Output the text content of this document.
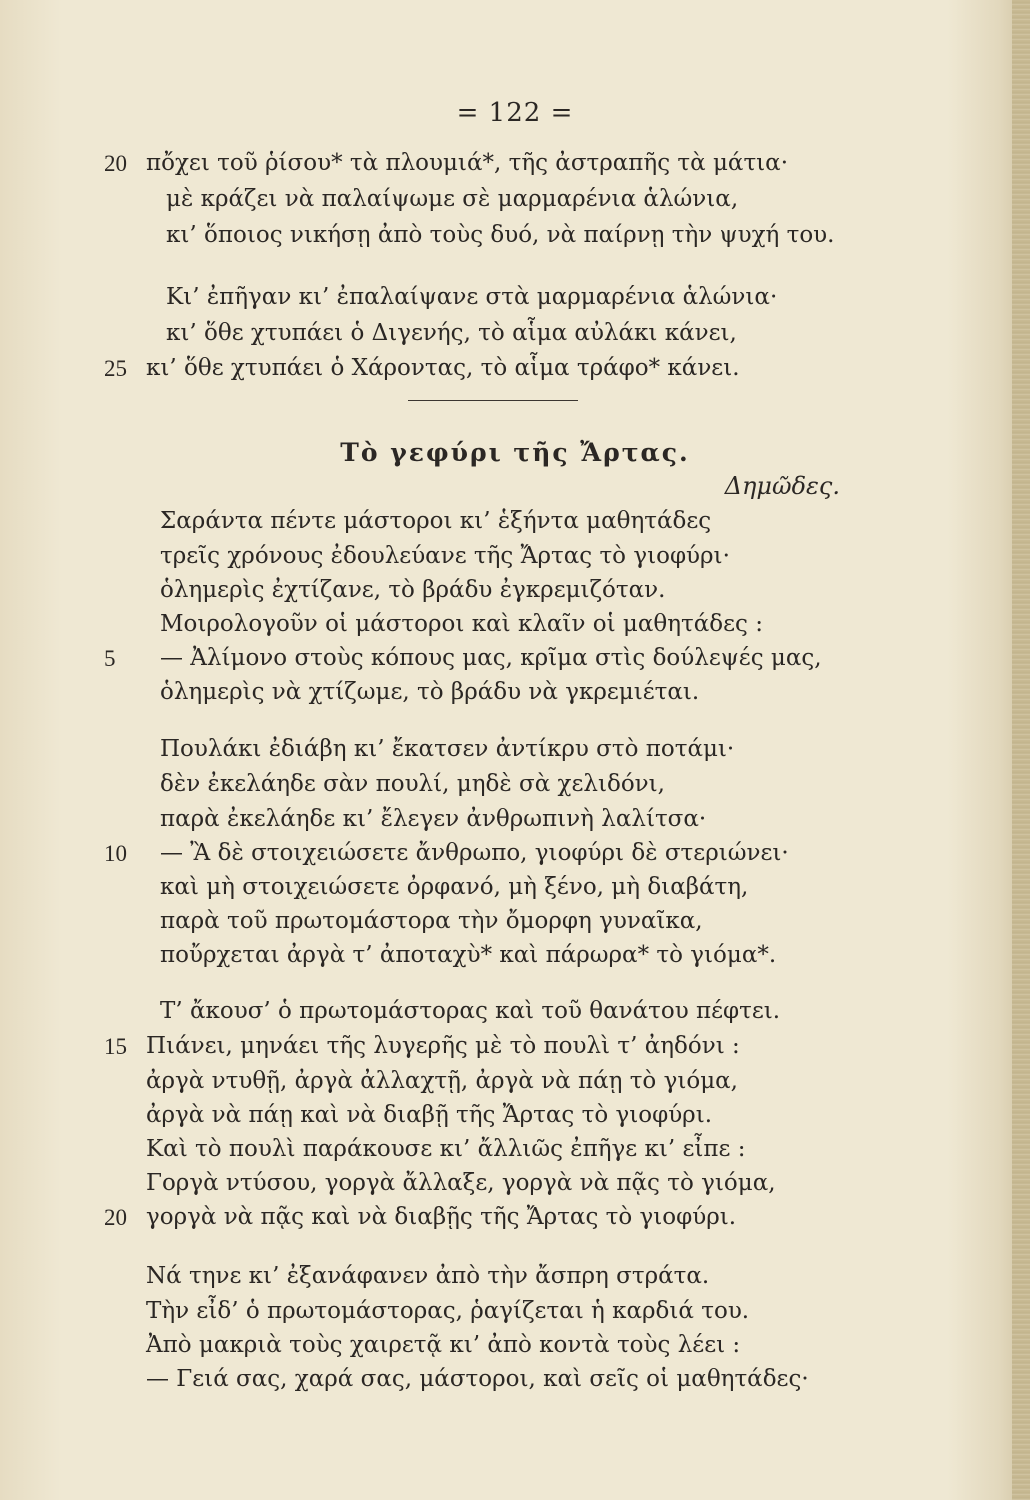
= 122 =
20 πὄχει τοῦ ῥίσου* τὰ πλουμιά*, τῆς ἀστραπῆς τὰ μάτια·
μὲ κράζει νὰ παλαίψωμε σὲ μαρμαρένια ἁλώνια,
κι’ ὅποιος νικήσῃ ἀπὸ τοὺς δυό, νὰ παίρνῃ τὴν ψυχή του.
Κι’ ἐπῆγαν κι’ ἐπαλαίψανε στὰ μαρμαρένια ἁλώνια·
κι’ ὅθε χτυπάει ὁ Διγενής, τὸ αἷμα αὐλάκι κάνει,
25 κι’ ὅθε χτυπάει ὁ Χάροντας, τὸ αἷμα τράφο* κάνει.
Τὸ γεφύρι τῆς Ἄρτας.
Δημῶδες.
Σαράντα πέντε μάστοροι κι’ ἑξήντα μαθητάδες
τρεῖς χρόνους ἐδουλεύανε τῆς Ἄρτας τὸ γιοφύρι·
ὁλημερὶς ἐχτίζανε, τὸ βράδυ ἐγκρεμιζόταν.
Μοιρολογοῦν οἱ μάστοροι καὶ κλαῖν οἱ μαθητάδες :
5 — Ἀλίμονο στοὺς κόπους μας, κρῖμα στὶς δούλεψές μας,
ὁλημερὶς νὰ χτίζωμε, τὸ βράδυ νὰ γκρεμιέται.
Πουλάκι ἐδιάβη κι’ ἔκατσεν ἀντίκρυ στὸ ποτάμι·
δὲν ἐκελάηδε σὰν πουλί, μηδὲ σὰ χελιδόνι,
παρὰ ἐκελάηδε κι’ ἔλεγεν ἀνθρωπινὴ λαλίτσα·
10 — Ἂ δὲ στοιχειώσετε ἄνθρωπο, γιοφύρι δὲ στεριώνει·
καὶ μὴ στοιχειώσετε ὀρφανό, μὴ ξένο, μὴ διαβάτη,
παρὰ τοῦ πρωτομάστορα τὴν ὄμορφη γυναῖκα,
ποὔρχεται ἀργὰ τ’ ἀποταχὺ* καὶ πάρωρα* τὸ γιόμα*.
Τ’ ἄκουσ’ ὁ πρωτομάστορας καὶ τοῦ θανάτου πέφτει.
15 Πιάνει, μηνάει τῆς λυγερῆς μὲ τὸ πουλὶ τ’ ἀηδόνι :
ἀργὰ ντυθῇ, ἀργὰ ἀλλαχτῇ, ἀργὰ νὰ πάῃ τὸ γιόμα,
ἀργὰ νὰ πάῃ καὶ νὰ διαβῇ τῆς Ἄρτας τὸ γιοφύρι.
Καὶ τὸ πουλὶ παράκουσε κι’ ἄλλιῶς ἐπῆγε κι’ εἶπε :
Γοργὰ ντύσου, γοργὰ ἄλλαξε, γοργὰ νὰ πᾷς τὸ γιόμα,
20 γοργὰ νὰ πᾷς καὶ νὰ διαβῇς τῆς Ἄρτας τὸ γιοφύρι.
Νά τηνε κι’ ἐξανάφανεν ἀπὸ τὴν ἄσπρη στράτα.
Τὴν εἶδ’ ὁ πρωτομάστορας, ῥαγίζεται ἡ καρδιά του.
Ἀπὸ μακριὰ τοὺς χαιρετᾷ κι’ ἀπὸ κοντὰ τοὺς λέει :
— Γειά σας, χαρά σας, μάστοροι, καὶ σεῖς οἱ μαθητάδες·
